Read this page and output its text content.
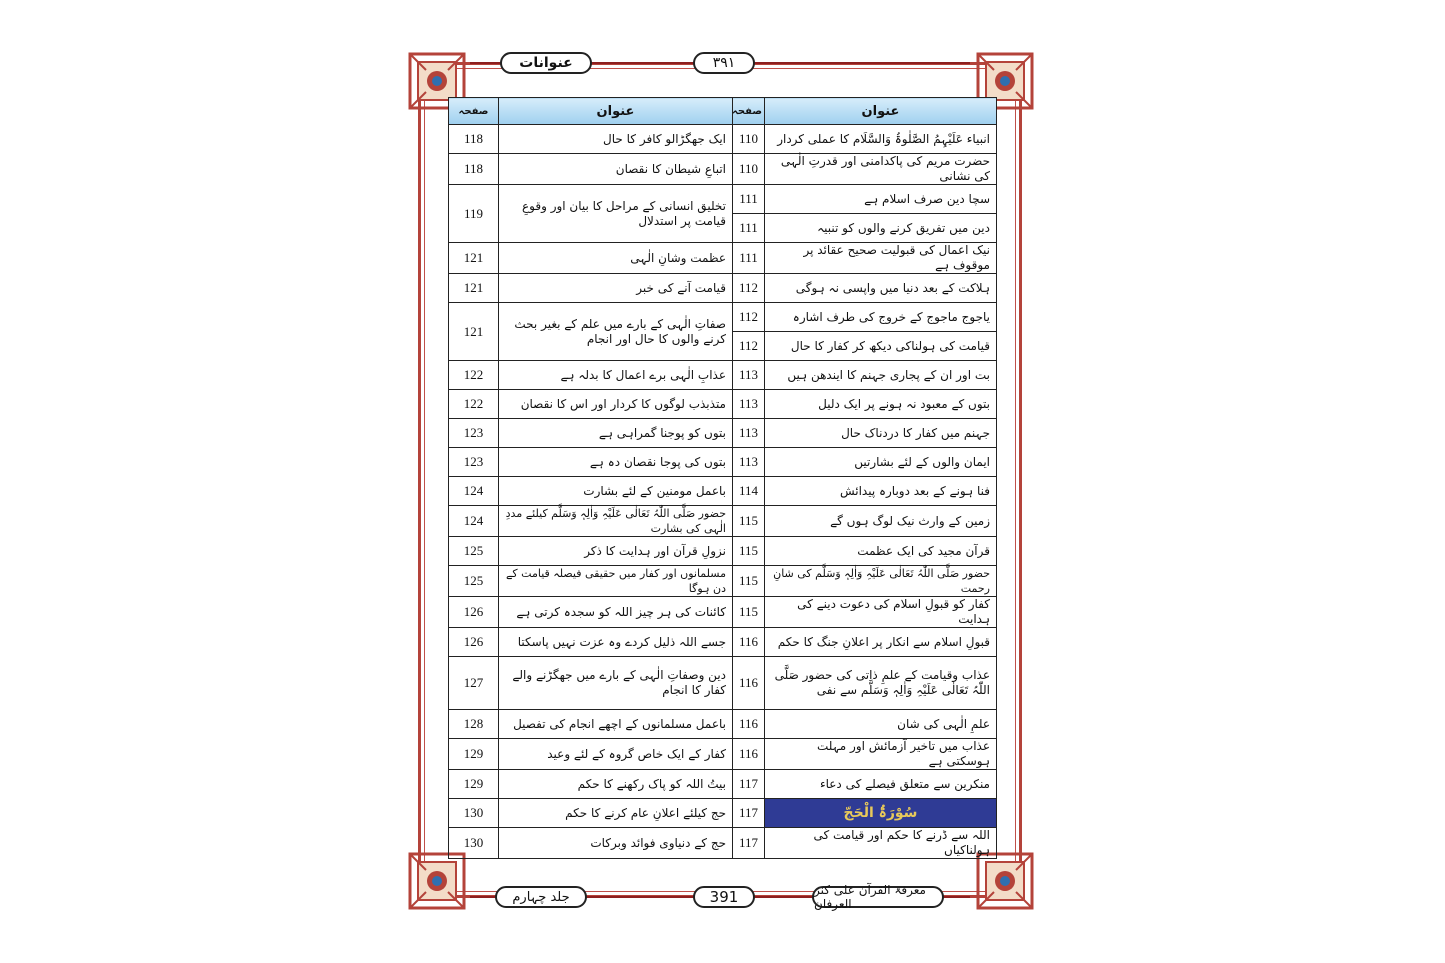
عنوانات	٣٩١
عنوان	صفحہ	عنوان	صفحہ
انبیاء عَلَیْہِمُ الصَّلٰوۃُ وَالسَّلَام کا عملی کردار	110	ایک جھگڑالو کافر کا حال	118
حضرت مریم کی پاکدامنی اور قدرتِ الٰہی کی نشانی	110	اتباعِ شیطان کا نقصان	118
سچا دین صرف اسلام ہے	111	تخلیق انسانی کے مراحل کا بیان اور وقوعِ قیامت پر استدلال	119
دین میں تفریق کرنے والوں کو تنبیہ	111		
نیک اعمال کی قبولیت صحیح عقائد پر موقوف ہے	111	عظمت وشانِ الٰہی	121
ہلاکت کے بعد دنیا میں واپسی نہ ہوگی	112	قیامت آنے کی خبر	121
یاجوج ماجوج کے خروج کی طرف اشارہ	112	صفاتِ الٰہی کے بارے میں علم کے بغیر بحث کرنے والوں کا حال اور انجام	121
قیامت کی ہولناکی دیکھ کر کفار کا حال	112		
بت اور ان کے پجاری جہنم کا ایندھن ہیں	113	عذابِ الٰہی برے اعمال کا بدلہ ہے	122
بتوں کے معبود نہ ہونے پر ایک دلیل	113	متذبذب لوگوں کا کردار اور اس کا نقصان	122
جہنم میں کفار کا دردناک حال	113	بتوں کو پوجنا گمراہی ہے	123
ایمان والوں کے لئے بشارتیں	113	بتوں کی پوجا نقصان دہ ہے	123
فنا ہونے کے بعد دوبارہ پیدائش	114	باعمل مومنین کے لئے بشارت	124
زمین کے وارث نیک لوگ ہوں گے	115	حضور صَلَّی اللّٰہُ تَعَالٰی عَلَیْہِ وَاٰلِہٖ وَسَلَّم کیلئے مددِ الٰہی کی بشارت	124
قرآن مجید کی ایک عظمت	115	نزولِ قرآن اور ہدایت کا ذکر	125
حضور صَلَّی اللّٰہُ تَعَالٰی عَلَیْہِ وَاٰلِہٖ وَسَلَّم کی شانِ رحمت	115	مسلمانوں اور کفار میں حقیقی فیصلہ قیامت کے دن ہوگا	125
کفار کو قبولِ اسلام کی دعوت دینے کی ہدایت	115	کائنات کی ہر چیز اللہ کو سجدہ کرتی ہے	126
قبولِ اسلام سے انکار پر اعلانِ جنگ کا حکم	116	جسے اللہ ذلیل کردے وہ عزت نہیں پاسکتا	126
عذاب وقیامت کے علمِ ذاتی کی حضور صَلَّی اللّٰہُ تَعَالٰی عَلَیْہِ وَاٰلِہٖ وَسَلَّم سے نفی	116	دین وصفاتِ الٰہی کے بارے میں جھگڑنے والے کفار کا انجام	127
علمِ الٰہی کی شان	116	باعمل مسلمانوں کے اچھے انجام کی تفصیل	128
عذاب میں تاخیر آزمائش اور مہلت ہوسکتی ہے	116	کفار کے ایک خاص گروہ کے لئے وعید	129
منکرین سے متعلق فیصلے کی دعاء	117	بیتُ اللہ کو پاک رکھنے کا حکم	129
سُوْرَۃُ الْحَجّ	117	حج کیلئے اعلانِ عام کرنے کا حکم	130
اللہ سے ڈرنے کا حکم اور قیامت کی ہولناکیاں	117	حج کے دنیاوی فوائد وبرکات	130
جلد چہارم	391	معرفۃ القرآن علی کنز العرفان
